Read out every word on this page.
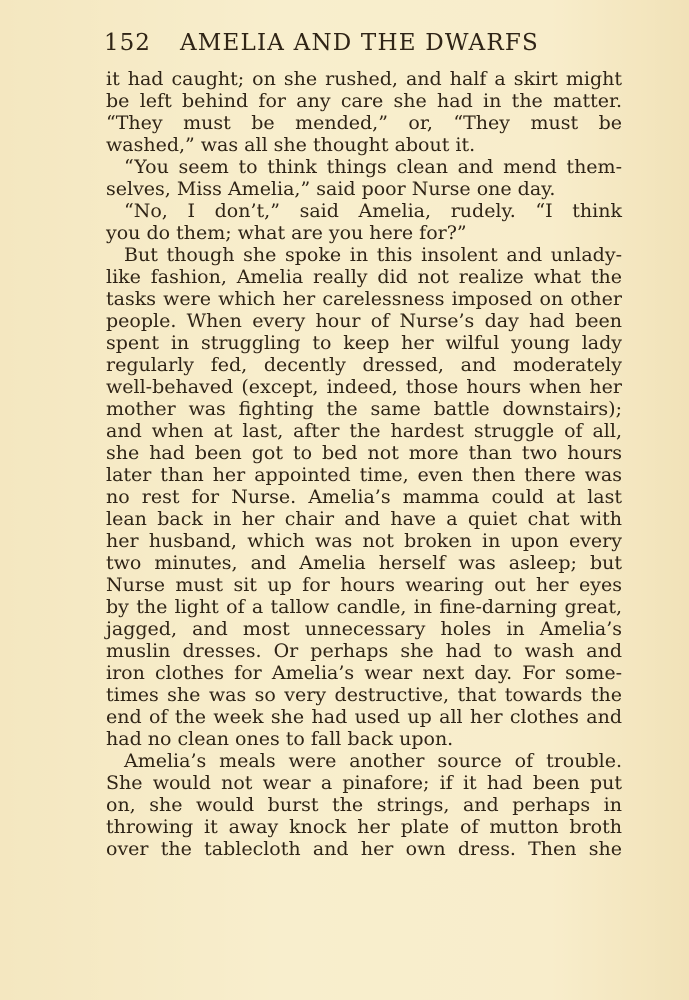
152 AMELIA AND THE DWARFS
it had caught; on she rushed, and half a skirt might
be left behind for any care she had in the matter.
“They must be mended,” or, “They must be
washed,” was all she thought about it.
“You seem to think things clean and mend them-
selves, Miss Amelia,” said poor Nurse one day.
“No, I don’t,” said Amelia, rudely. “I think
you do them; what are you here for?”
But though she spoke in this insolent and unlady-
like fashion, Amelia really did not realize what the
tasks were which her carelessness imposed on other
people. When every hour of Nurse’s day had been
spent in struggling to keep her wilful young lady
regularly fed, decently dressed, and moderately
well-behaved (except, indeed, those hours when her
mother was fighting the same battle downstairs);
and when at last, after the hardest struggle of all,
she had been got to bed not more than two hours
later than her appointed time, even then there was
no rest for Nurse. Amelia’s mamma could at last
lean back in her chair and have a quiet chat with
her husband, which was not broken in upon every
two minutes, and Amelia herself was asleep; but
Nurse must sit up for hours wearing out her eyes
by the light of a tallow candle, in fine-darning great,
jagged, and most unnecessary holes in Amelia’s
muslin dresses. Or perhaps she had to wash and
iron clothes for Amelia’s wear next day. For some-
times she was so very destructive, that towards the
end of the week she had used up all her clothes and
had no clean ones to fall back upon.
Amelia’s meals were another source of trouble.
She would not wear a pinafore; if it had been put
on, she would burst the strings, and perhaps in
throwing it away knock her plate of mutton broth
over the tablecloth and her own dress. Then she
